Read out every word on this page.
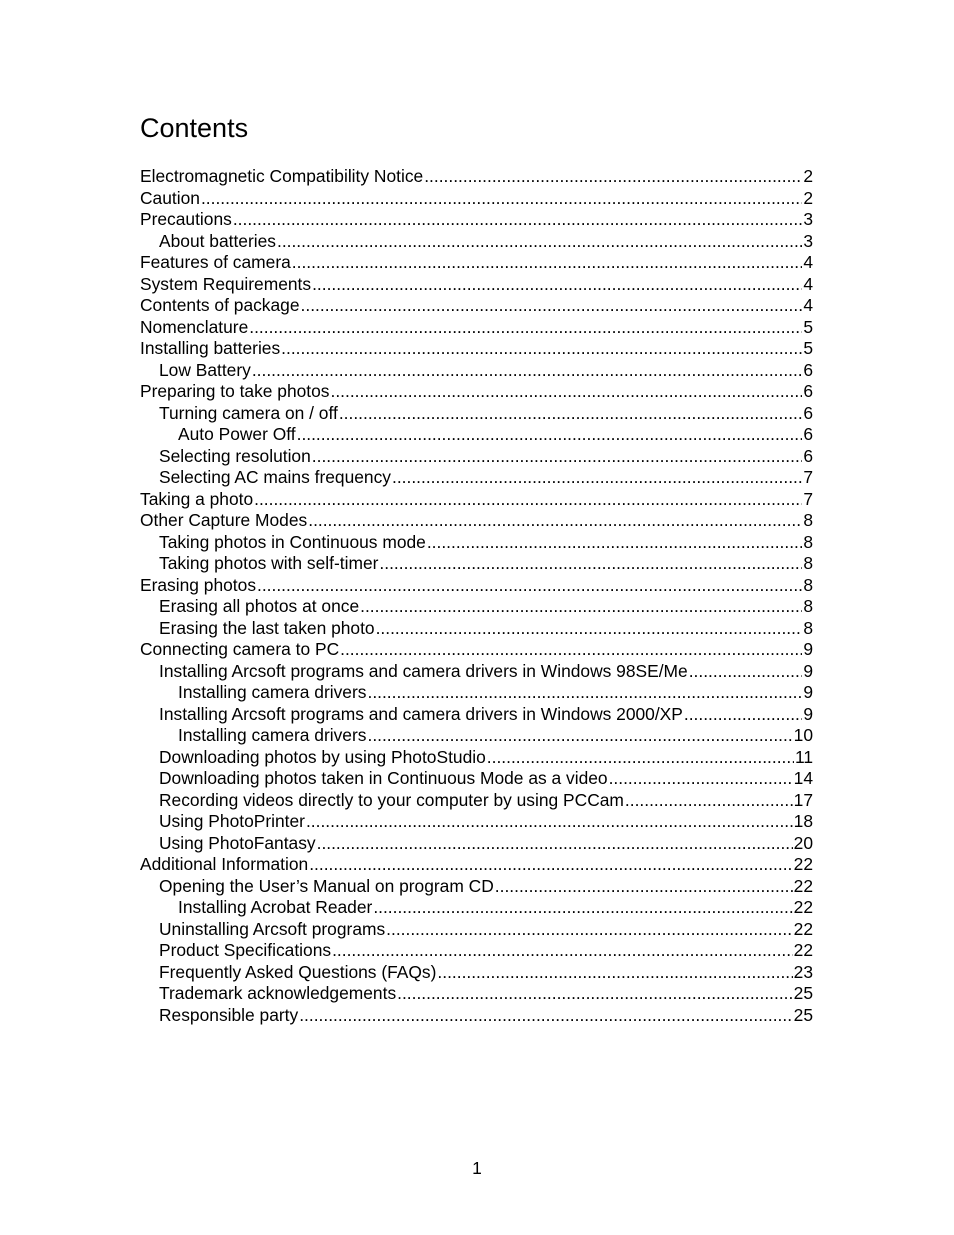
Contents
Electromagnetic Compatibility Notice .....	2
Caution .....	2
Precautions .....	3
About batteries .....	3
Features of camera .....	4
System Requirements .....	4
Contents of package .....	4
Nomenclature .....	5
Installing batteries .....	5
Low Battery .....	6
Preparing to take photos .....	6
Turning camera on / off .....	6
Auto Power Off .....	6
Selecting resolution .....	6
Selecting AC mains frequency .....	7
Taking a photo .....	7
Other Capture Modes .....	8
Taking photos in Continuous mode .....	8
Taking photos with self-timer .....	8
Erasing photos .....	8
Erasing all photos at once .....	8
Erasing the last taken photo .....	8
Connecting camera to PC .....	9
Installing Arcsoft programs and camera drivers in Windows 98SE/Me .....	9
Installing camera drivers .....	9
Installing Arcsoft programs and camera drivers in Windows 2000/XP .....	9
Installing camera drivers .....	10
Downloading photos by using PhotoStudio .....	11
Downloading photos taken in Continuous Mode as a video .....	14
Recording videos directly to your computer by using PCCam .....	17
Using PhotoPrinter .....	18
Using PhotoFantasy .....	20
Additional Information .....	22
Opening the User’s Manual on program CD .....	22
Installing Acrobat Reader .....	22
Uninstalling Arcsoft programs .....	22
Product Specifications .....	22
Frequently Asked Questions (FAQs) .....	23
Trademark acknowledgements .....	25
Responsible party .....	25
1
